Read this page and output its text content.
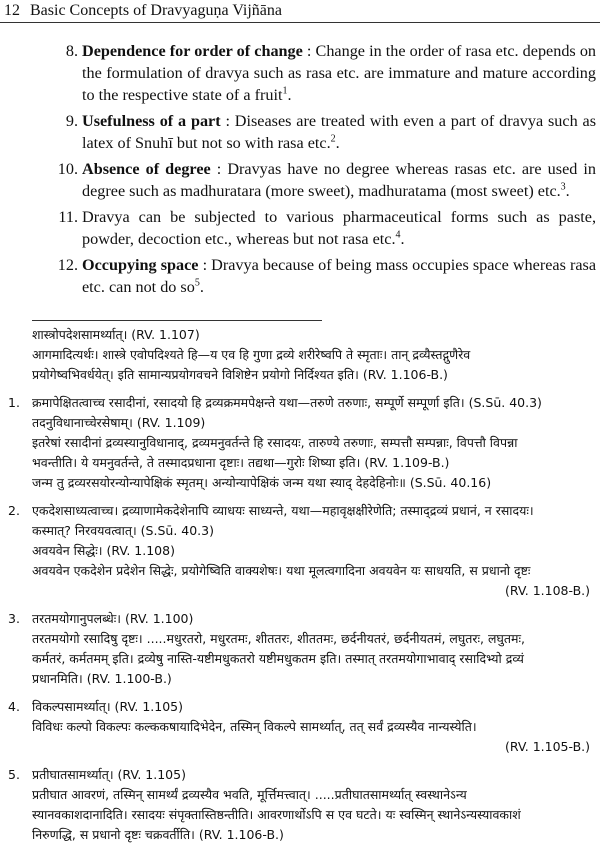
12 Basic Concepts of Dravyaguṇa Vijñāna
8. Dependence for order of change : Change in the order of rasa etc. depends on the formulation of dravya such as rasa etc. are immature and mature according to the respective state of a fruit$^1$.
9. Usefulness of a part : Diseases are treated with even a part of dravya such as latex of Snuhī but not so with rasa etc.$^2$.
10. Absence of degree : Dravyas have no degree whereas rasas etc. are used in degree such as madhuratara (more sweet), madhuratama (most sweet) etc.$^3$.
11. Dravya can be subjected to various pharmaceutical forms such as paste, powder, decoction etc., whereas but not rasa etc.$^4$.
12. Occupying space : Dravya because of being mass occupies space whereas rasa etc. can not do $so^5$.
शास्त्रोपदेशसामर्थ्यात्। (RV. 1.107)
आगमादित्यर्थः। शास्त्रे एवोपदिश्यते हि—य एव हि गुणा द्रव्ये शरीरेष्वपि ते स्मृताः। तान् द्रव्यैस्तद्गुणैरेव
प्रयोगेष्वभिवर्धयेत्। इति सामान्यप्रयोगवचने विशिष्टेन प्रयोगो निर्दिश्यत इति। (RV. 1.106-B.)
1. क्रमापेक्षितत्वाच्च रसादीनां, रसादयो हि द्रव्यक्रममपेक्षन्ते यथा—तरुणे तरुणाः, सम्पूर्णे सम्पूर्णा इति। (S.Sū. 40.3)
तदनुविधानाच्चेरसेषाम्। (RV. 1.109)
इतरेषां रसादीनां द्रव्यस्यानुविधानाद्, द्रव्यमनुवर्तन्ते हि रसादयः, तारुण्ये तरुणाः, सम्पत्तौ सम्पन्नाः, विपत्तौ विपन्ना
भवन्तीति। ये यमनुवर्तन्ते, ते तस्मादप्रधाना दृष्टाः। तद्यथा—गुरोः शिष्या इति। (RV. 1.109-B.)
जन्म तु द्रव्यरसयोरन्योन्यापेक्षिकं स्मृतम्। अन्योन्यापेक्षिकं जन्म यथा स्याद् देहदेहिनोः॥ (S.Sū. 40.16)
2. एकदेशसाध्यत्वाच्च। द्रव्याणामेकदेशेनापि व्याधयः साध्यन्ते, यथा—महावृक्षक्षीरेणेति; तस्माद्द्रव्यं प्रधानं, न रसादयः।
कस्मात्? निरवयवत्वात्। (S.Sū. 40.3)
अवयवेन सिद्धेः। (RV. 1.108)
अवयवेन एकदेशेन प्रदेशेन सिद्धेः, प्रयोगेष्विति वाक्यशेषः। यथा मूलत्वगादिना अवयवेन यः साधयति, स प्रधानो दृष्टः
(RV. 1.108-B.)
3. तरतमयोगानुपलब्धेः। (RV. 1.100)
तरतमयोगो रसादिषु दृष्टः। .....मधुरतरो, मधुरतमः, शीततरः, शीततमः, छर्दनीयतरं, छर्दनीयतमं, लघुतरः, लघुतमः,
कर्मतरं, कर्मतमम् इति। द्रव्येषु नास्ति-यष्टीमधुकतरो यष्टीमधुकतम इति। तस्मात् तरतमयोगाभावाद् रसादिभ्यो द्रव्यं
प्रधानमिति। (RV. 1.100-B.)
4. विकल्पसामर्थ्यात्। (RV. 1.105)
विविधः कल्पो विकल्पः कल्ककषायादिभेदेन, तस्मिन् विकल्पे सामर्थ्यात्, तत् सर्वं द्रव्यस्यैव नान्यस्येति।
(RV. 1.105-B.)
5. प्रतीघातसामर्थ्यात्। (RV. 1.105)
प्रतीघात आवरणं, तस्मिन् सामर्थ्यं द्रव्यस्यैव भवति, मूर्त्तिमत्त्वात्। .....प्रतीघातसामर्थ्यात् स्वस्थानेऽन्य
स्यानवकाशदानादिति। रसादयः संपृक्तास्तिष्ठन्तीति। आवरणार्थोऽपि स एव घटते। यः स्वस्मिन् स्थानेऽन्यस्यावकाशं
निरुणद्धि, स प्रधानो दृष्टः चक्रवर्तीति। (RV. 1.106-B.)
